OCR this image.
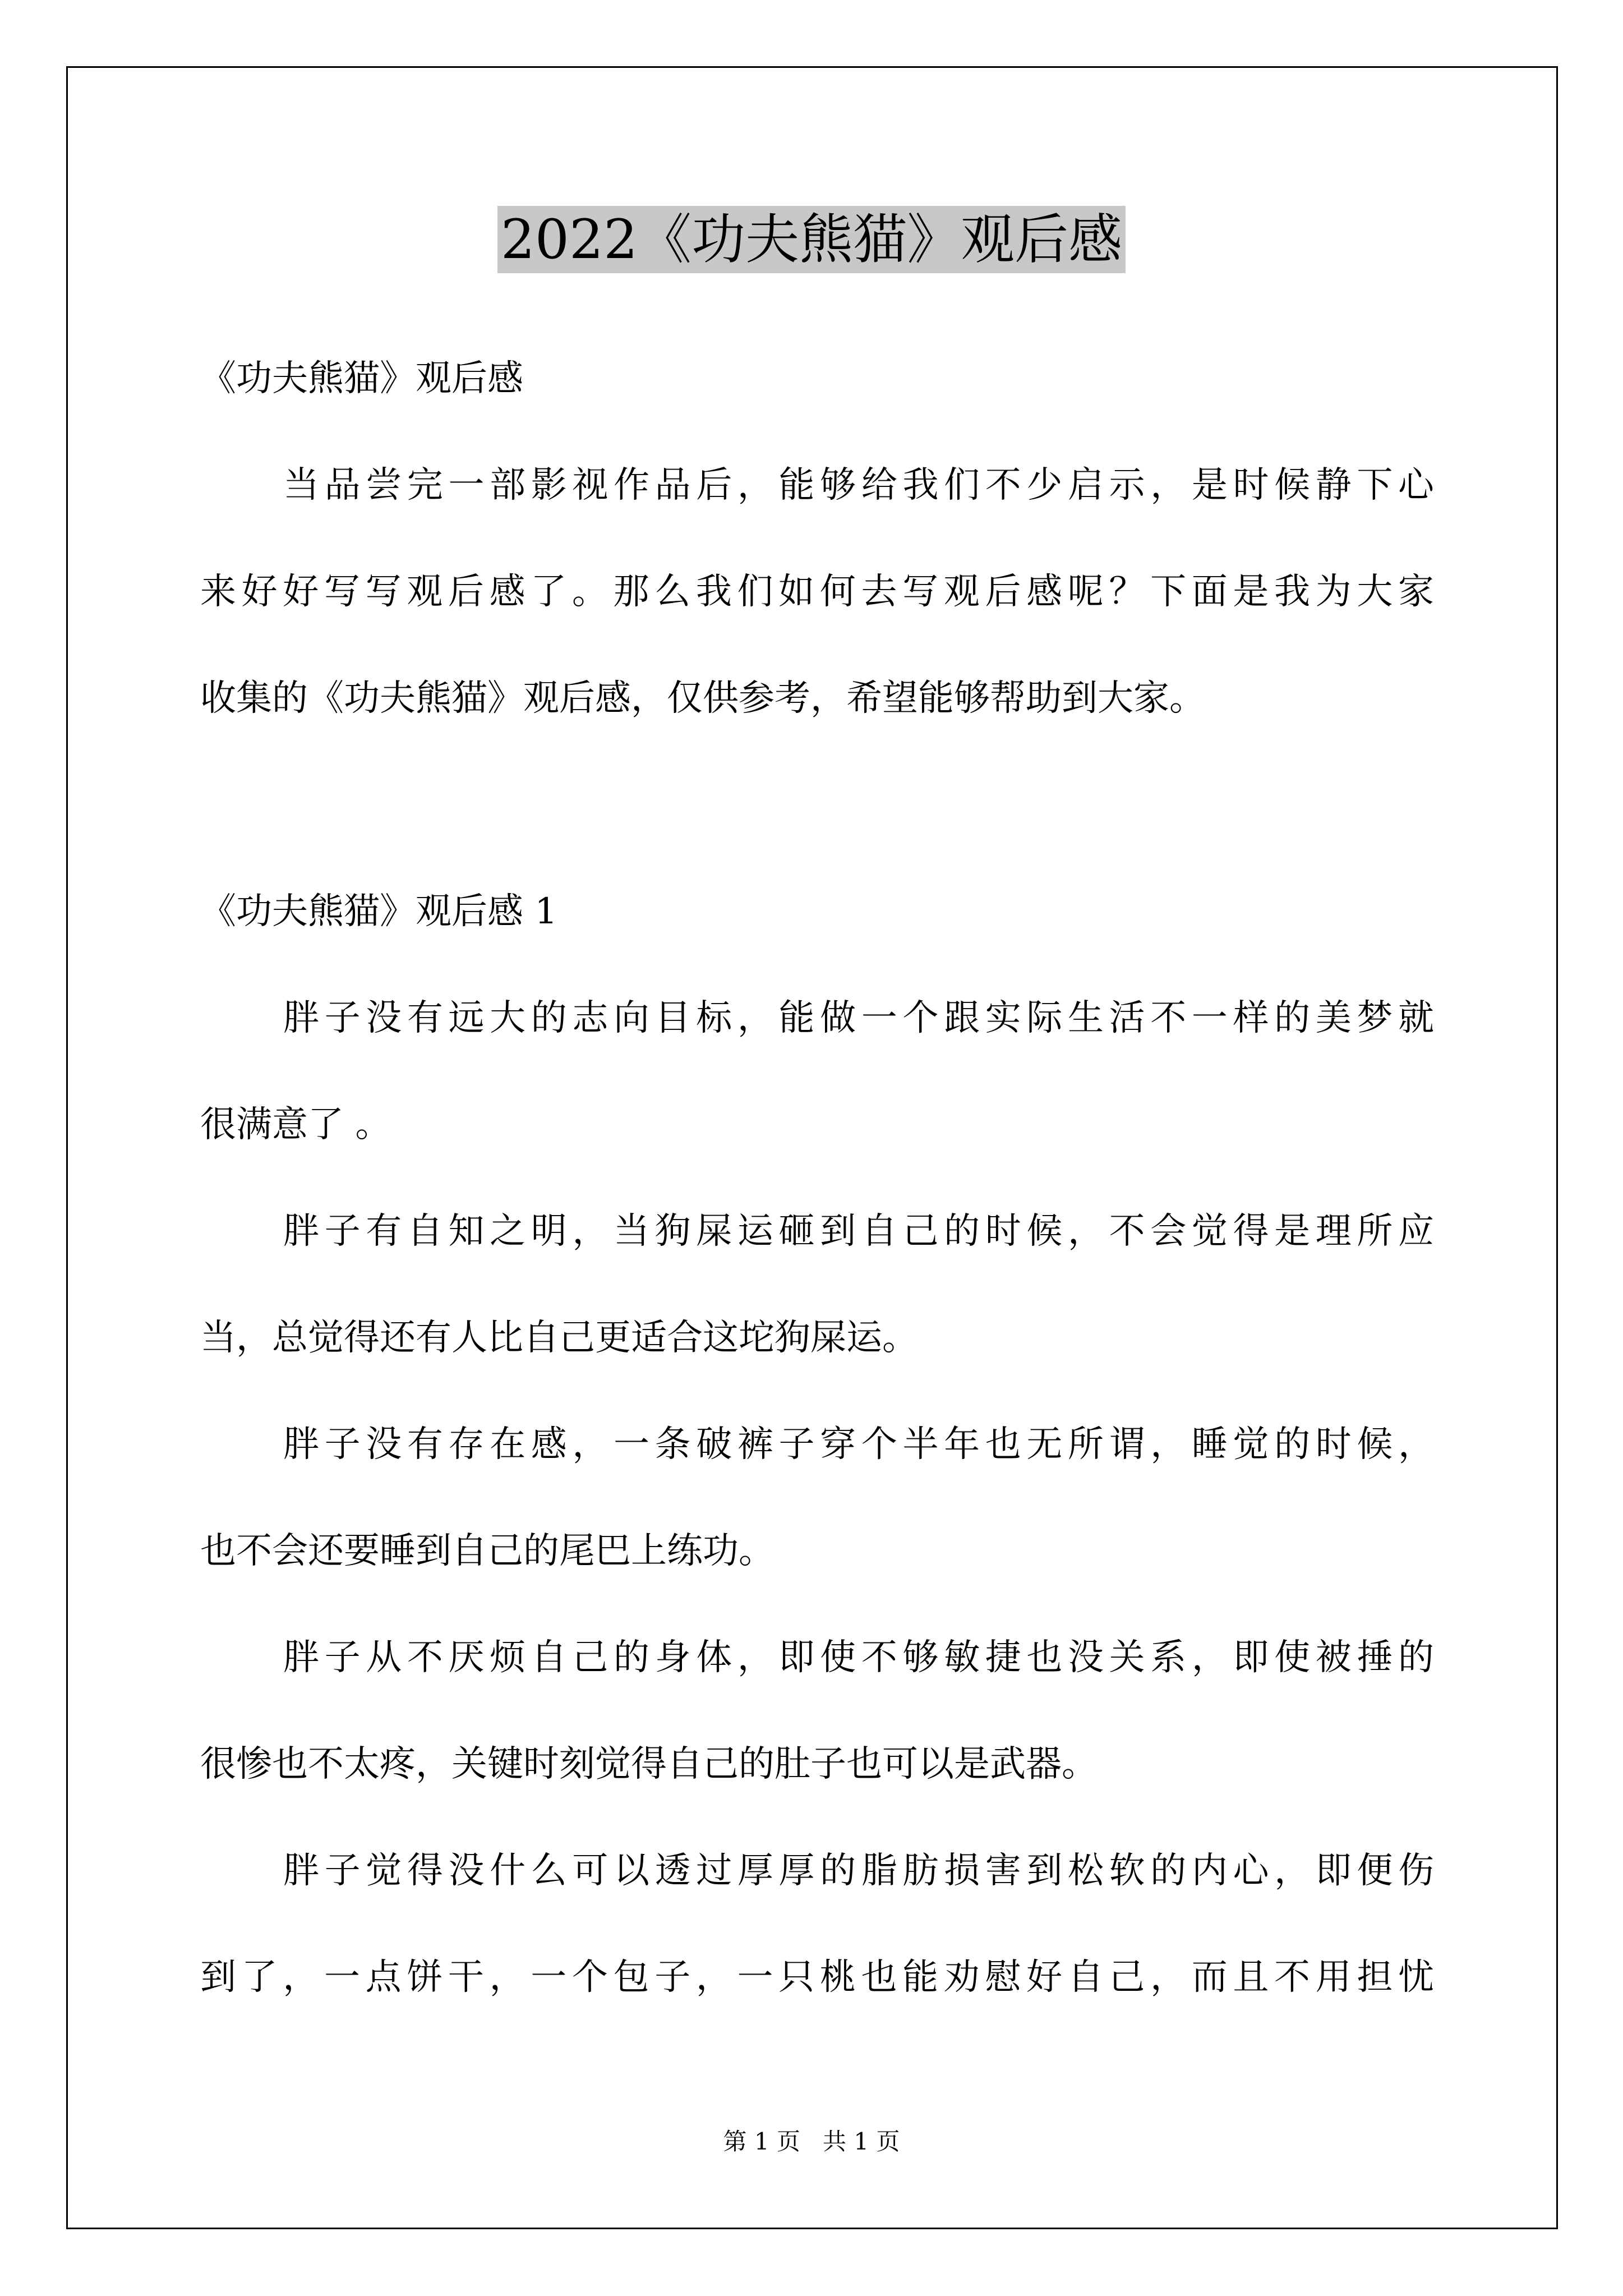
2022《功夫熊猫》观后感

《功夫熊猫》观后感

当品尝完一部影视作品后，能够给我们不少启示，是时候静下心

来好好写写观后感了。那么我们如何去写观后感呢？下面是我为大家

收集的《功夫熊猫》观后感，仅供参考，希望能够帮助到大家。

《功夫熊猫》观后感 1

胖子没有远大的志向目标，能做一个跟实际生活不一样的美梦就

很满意了 。

胖子有自知之明，当狗屎运砸到自己的时候，不会觉得是理所应

当，总觉得还有人比自己更适合这坨狗屎运。

胖子没有存在感，一条破裤子穿个半年也无所谓，睡觉的时候，

也不会还要睡到自己的尾巴上练功。

胖子从不厌烦自己的身体，即使不够敏捷也没关系，即使被捶的

很惨也不太疼，关键时刻觉得自己的肚子也可以是武器。

胖子觉得没什么可以透过厚厚的脂肪损害到松软的内心，即便伤

到了，一点饼干，一个包子，一只桃也能劝慰好自己，而且不用担忧

第 1 页   共 1 页
